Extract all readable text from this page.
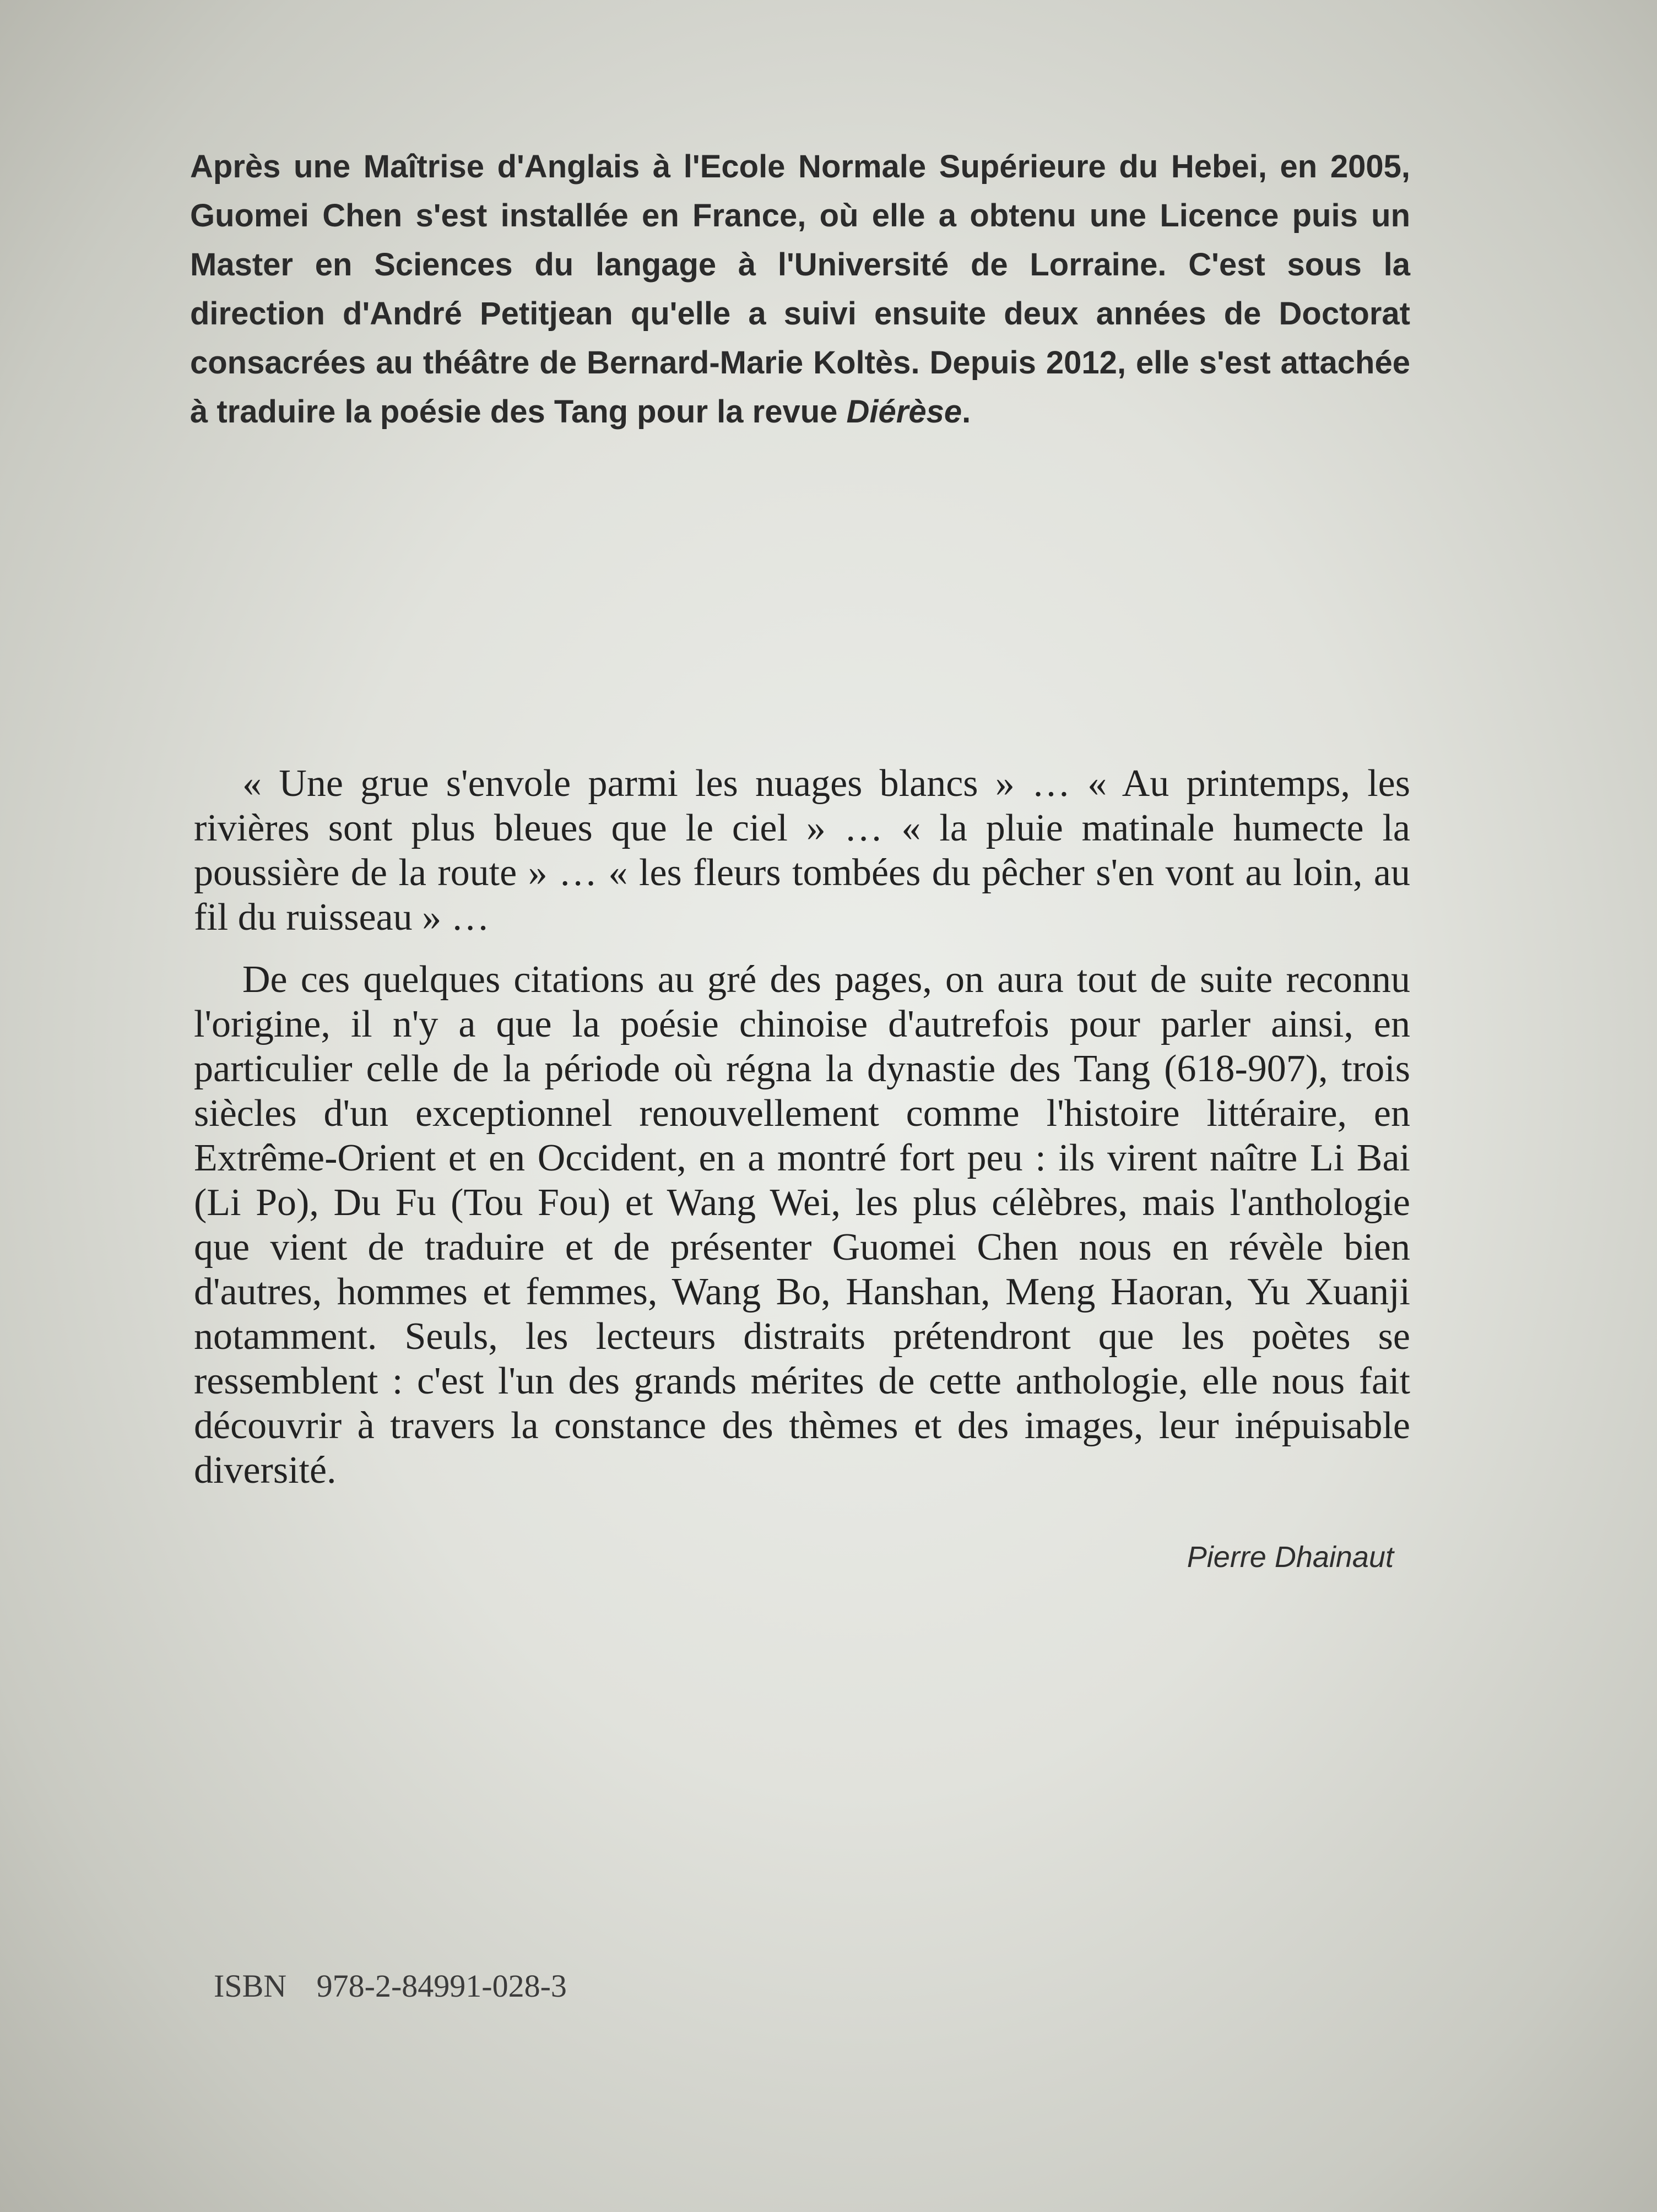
Après une Maîtrise d'Anglais à l'Ecole Normale Supérieure du Hebei, en 2005, Guomei Chen s'est installée en France, où elle a obtenu une Licence puis un Master en Sciences du langage à l'Université de Lorraine. C'est sous la direction d'André Petitjean qu'elle a suivi ensuite deux années de Doctorat consacrées au théâtre de Bernard-Marie Koltès. Depuis 2012, elle s'est attachée à traduire la poésie des Tang pour la revue Diérèse.

« Une grue s'envole parmi les nuages blancs » … « Au printemps, les rivières sont plus bleues que le ciel » … « la pluie matinale humecte la poussière de la route » … « les fleurs tombées du pêcher s'en vont au loin, au fil du ruisseau » …

De ces quelques citations au gré des pages, on aura tout de suite reconnu l'origine, il n'y a que la poésie chinoise d'autrefois pour parler ainsi, en particulier celle de la période où régna la dynastie des Tang (618-907), trois siècles d'un exceptionnel renouvellement comme l'histoire littéraire, en Extrême-Orient et en Occident, en a montré fort peu : ils virent naître Li Bai (Li Po), Du Fu (Tou Fou) et Wang Wei, les plus célèbres, mais l'anthologie que vient de traduire et de présenter Guomei Chen nous en révèle bien d'autres, hommes et femmes, Wang Bo, Hanshan, Meng Haoran, Yu Xuanji notamment. Seuls, les lecteurs distraits prétendront que les poètes se ressemblent : c'est l'un des grands mérites de cette anthologie, elle nous fait découvrir à travers la constance des thèmes et des images, leur inépuisable diversité.

Pierre Dhainaut
ISBN 978-2-84991-028-3
